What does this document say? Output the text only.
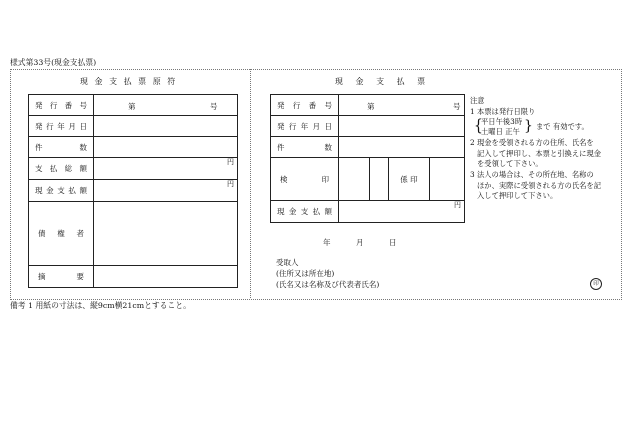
様式第33号(現金支払票)
現 金 支 払 票 原 符
発行番号	第 号

発行年月日	
件 数	
支払総額	円

現金支払額	円

債 権 者	
摘 要	
現 金 支 払 票
発行番号	第 号			

発行年月日				
件 数				
検 印			係 印	
現金支払額	円			
年	月	日
受取人
(住所又は所在地)
(氏名又は名称及び代表者氏名)	印
注意
1 本票は発行日限り
{
平日午後3時
土曜日 正午 } まで 有効です。
2 現金を受領される方の住所、氏名を
記入して押印し、本票と引換えに現金
を受領して下さい。
3 法人の場合は、その所在地、名称の
ほか、実際に受領される方の氏名を記
入して押印して下さい。
備考 1 用紙の寸法は、縦9cm横21cmとすること。
